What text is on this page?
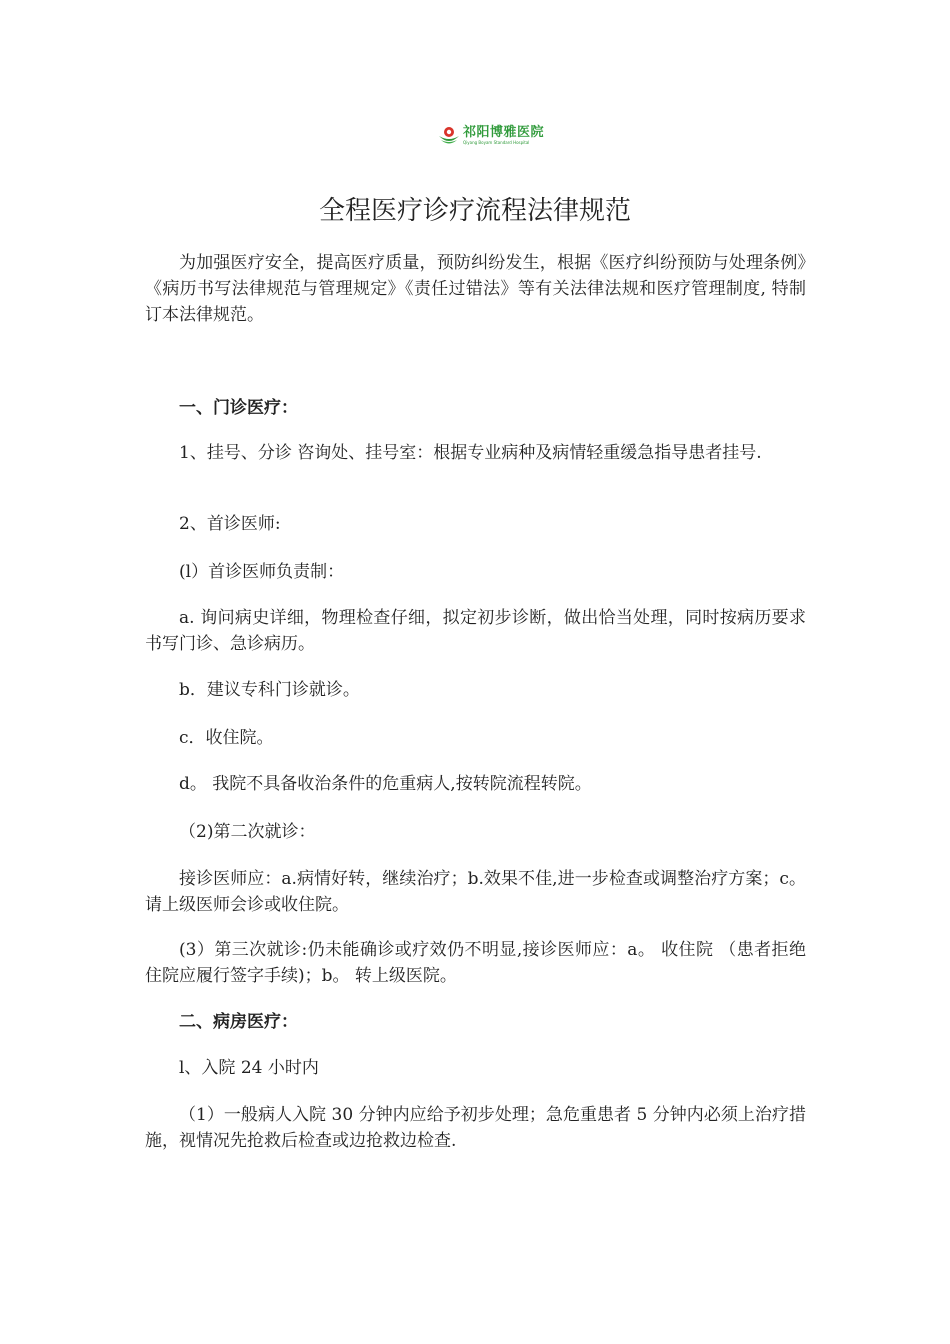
祁阳博雅医院
Qiyang Boyam Standard Hospital
全程医疗诊疗流程法律规范

为加强医疗安全，提高医疗质量，预防纠纷发生，根据《医疗纠纷预防与处理条例》《病历书写法律规范与管理规定》《责任过错法》等有关法律法规和医疗管理制度, 特制订本法律规范。

一、门诊医疗：

1、挂号、分诊 咨询处、挂号室：根据专业病种及病情轻重缓急指导患者挂号.

2、首诊医师:

(l）首诊医师负责制：

a. 询问病史详细，物理检查仔细，拟定初步诊断，做出恰当处理，同时按病历要求书写门诊、急诊病历。

b．建议专科门诊就诊。

c．收住院。

d。 我院不具备收治条件的危重病人,按转院流程转院。

（2)第二次就诊：

接诊医师应：a.病情好转，继续治疗；b.效果不佳,进一步检查或调整治疗方案；c。请上级医师会诊或收住院。

(3）第三次就诊:仍未能确诊或疗效仍不明显,接诊医师应：a。 收住院 （患者拒绝住院应履行签字手续)；b。 转上级医院。

二、病房医疗：

l、入院 24 小时内

（1）一般病人入院 30 分钟内应给予初步处理；急危重患者 5 分钟内必须上治疗措施，视情况先抢救后检查或边抢救边检查.
